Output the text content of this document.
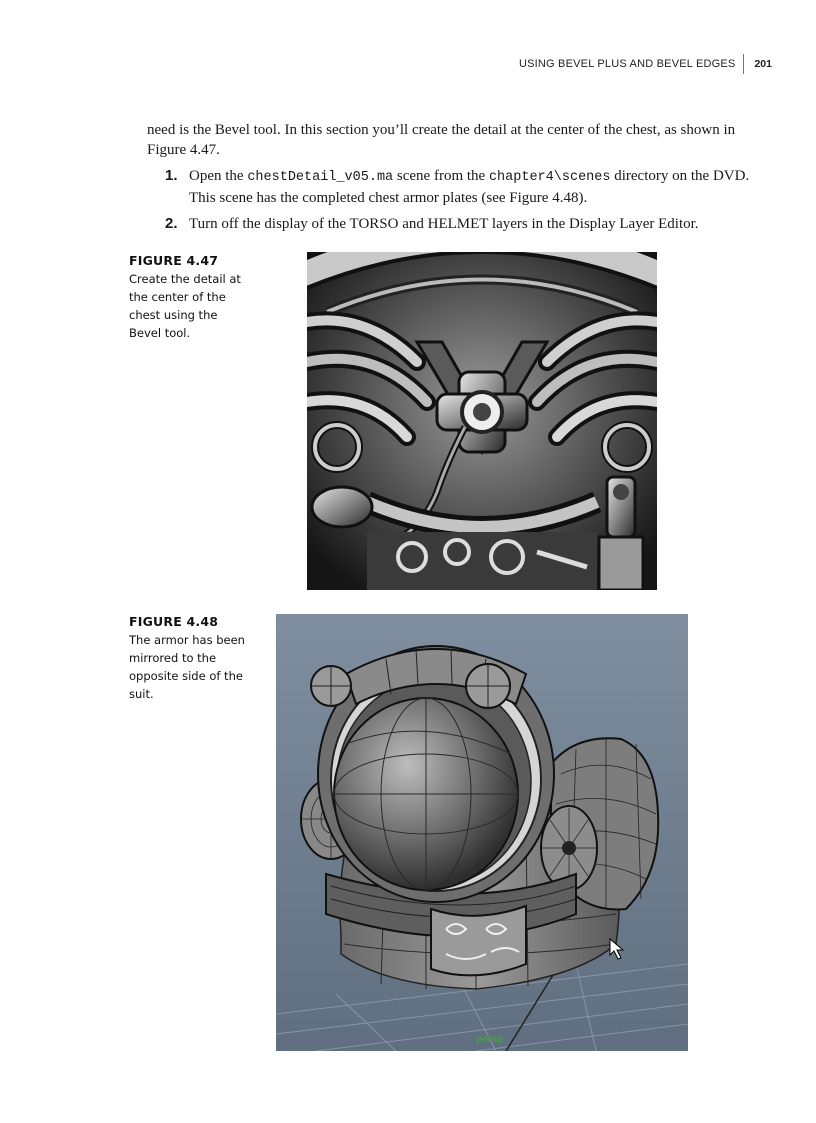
USING BEVEL PLUS AND BEVEL EDGES	201

need is the Bevel tool. In this section you’ll create the detail at the center of the chest, as shown in Figure 4.47.

1. Open the chestDetail_v05.ma scene from the chapter4\scenes directory on the DVD. This scene has the completed chest armor plates (see Figure 4.48).
2. Turn off the display of the TORSO and HELMET layers in the Display Layer Editor.
FIGURE 4.47
Create the detail at the center of the chest using the Bevel tool.
FIGURE 4.48
The armor has been mirrored to the opposite side of the suit.
persp
